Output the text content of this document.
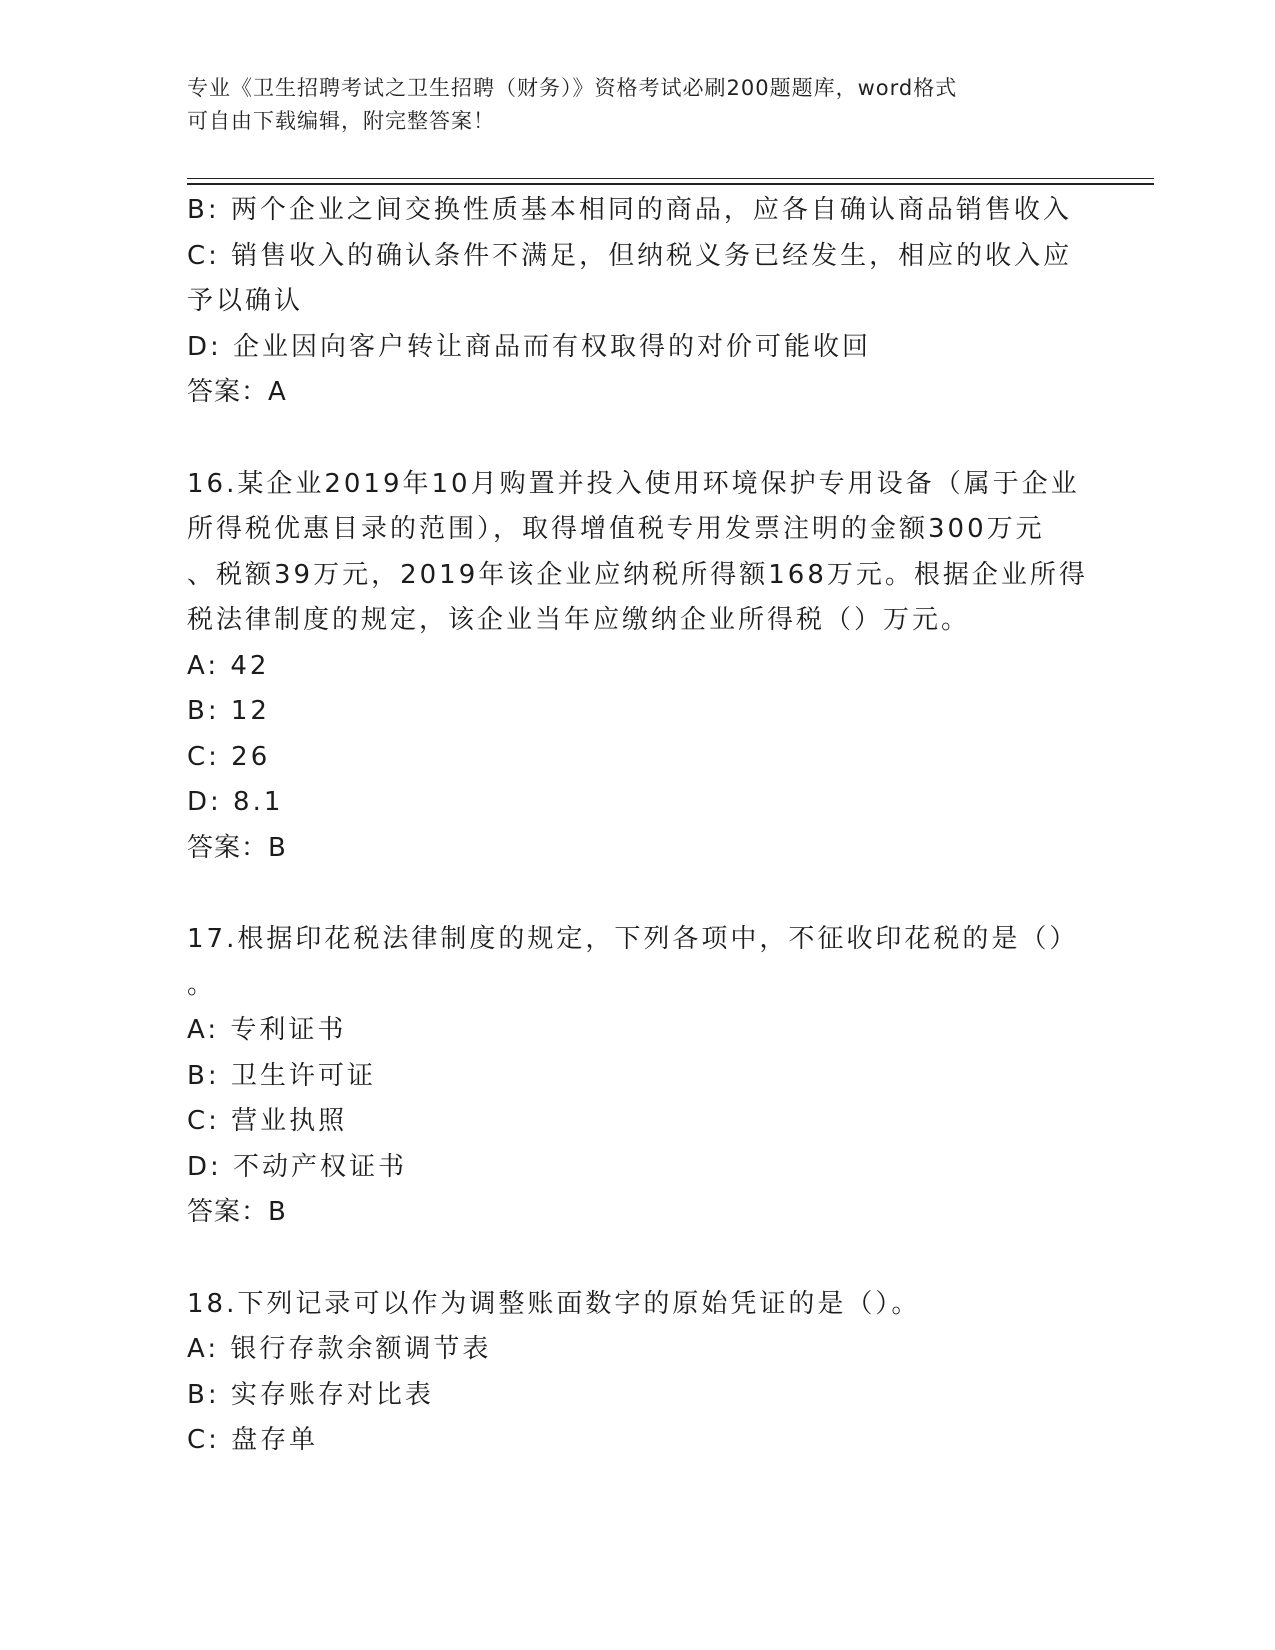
专业《卫生招聘考试之卫生招聘（财务）》资格考试必刷200题题库，word格式
可自由下载编辑，附完整答案！
B: 两个企业之间交换性质基本相同的商品，应各自确认商品销售收入
C: 销售收入的确认条件不满足，但纳税义务已经发生，相应的收入应
予以确认
D: 企业因向客户转让商品而有权取得的对价可能收回
答案：A
16.某企业2019年10月购置并投入使用环境保护专用设备（属于企业
所得税优惠目录的范围），取得增值税专用发票注明的金额300万元
、税额39万元，2019年该企业应纳税所得额168万元。根据企业所得
税法律制度的规定，该企业当年应缴纳企业所得税（）万元。
A: 42
B: 12
C: 26
D: 8.1
答案：B
17.根据印花税法律制度的规定，下列各项中，不征收印花税的是（）
。
A: 专利证书
B: 卫生许可证
C: 营业执照
D: 不动产权证书
答案：B
18.下列记录可以作为调整账面数字的原始凭证的是（）。
A: 银行存款余额调节表
B: 实存账存对比表
C: 盘存单
